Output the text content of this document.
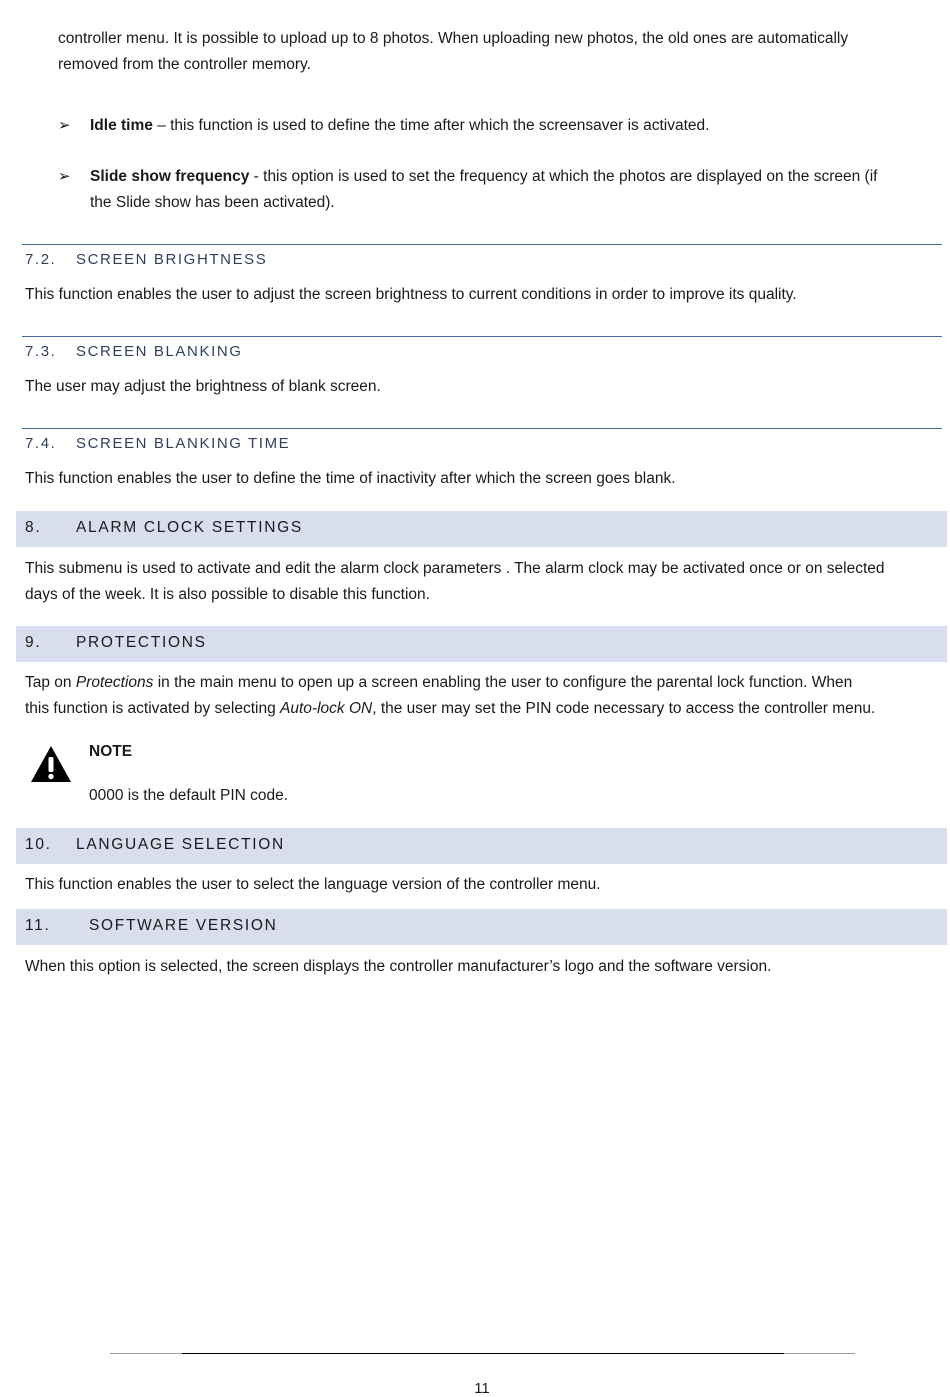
controller menu. It is possible to upload up to 8 photos. When uploading new photos, the old ones are automatically

removed from the controller memory.

➢ Idle time – this function is used to define the time after which the screensaver is activated.

➢ Slide show frequency - this option is used to set the frequency at which the photos are displayed on the screen (if

the Slide show has been activated).

7.2. SCREEN BRIGHTNESS

This function enables the user to adjust the screen brightness to current conditions in order to improve its quality.

7.3. SCREEN BLANKING

The user may adjust the brightness of blank screen.

7.4. SCREEN BLANKING TIME

This function enables the user to define the time of inactivity after which the screen goes blank.

8. ALARM CLOCK SETTINGS

This submenu is used to activate and edit the alarm clock parameters . The alarm clock may be activated once or on selected

days of the week. It is also possible to disable this function.

9. PROTECTIONS

Tap on Protections in the main menu to open up a screen enabling the user to configure the parental lock function. When

this function is activated by selecting Auto-lock ON, the user may set the PIN code necessary to access the controller menu.

NOTE

0000 is the default PIN code.

10. LANGUAGE SELECTION

This function enables the user to select the language version of the controller menu.

11. SOFTWARE VERSION

When this option is selected, the screen displays the controller manufacturer’s logo and the software version.

11
